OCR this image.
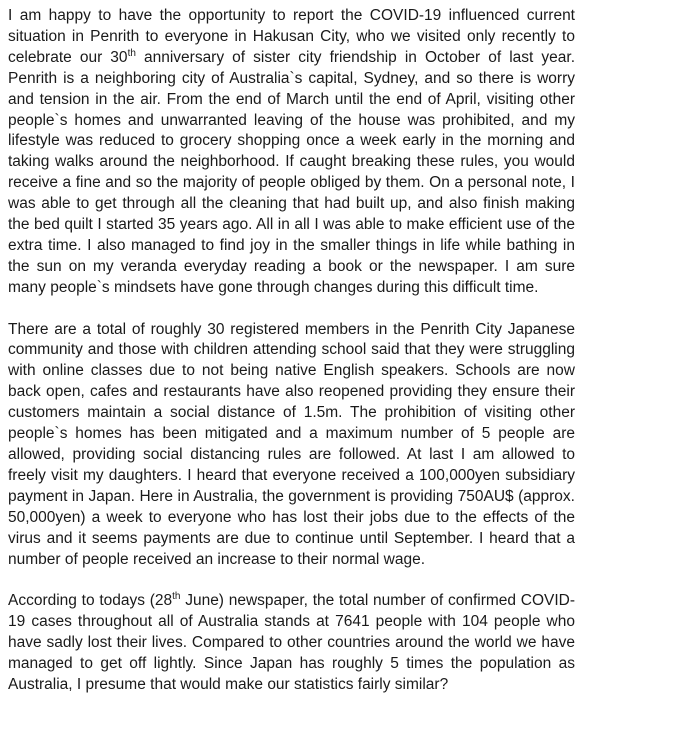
I am happy to have the opportunity to report the COVID-19 influenced current situation in Penrith to everyone in Hakusan City, who we visited only recently to celebrate our 30th anniversary of sister city friendship in October of last year. Penrith is a neighboring city of Australia`s capital, Sydney, and so there is worry and tension in the air. From the end of March until the end of April, visiting other people`s homes and unwarranted leaving of the house was prohibited, and my lifestyle was reduced to grocery shopping once a week early in the morning and taking walks around the neighborhood. If caught breaking these rules, you would receive a fine and so the majority of people obliged by them. On a personal note, I was able to get through all the cleaning that had built up, and also finish making the bed quilt I started 35 years ago. All in all I was able to make efficient use of the extra time. I also managed to find joy in the smaller things in life while bathing in the sun on my veranda everyday reading a book or the newspaper. I am sure many people`s mindsets have gone through changes during this difficult time.

There are a total of roughly 30 registered members in the Penrith City Japanese community and those with children attending school said that they were struggling with online classes due to not being native English speakers. Schools are now back open, cafes and restaurants have also reopened providing they ensure their customers maintain a social distance of 1.5m. The prohibition of visiting other people`s homes has been mitigated and a maximum number of 5 people are allowed, providing social distancing rules are followed. At last I am allowed to freely visit my daughters. I heard that everyone received a 100,000yen subsidiary payment in Japan. Here in Australia, the government is providing 750AU$ (approx. 50,000yen) a week to everyone who has lost their jobs due to the effects of the virus and it seems payments are due to continue until September. I heard that a number of people received an increase to their normal wage.

According to todays (28th June) newspaper, the total number of confirmed COVID-19 cases throughout all of Australia stands at 7641 people with 104 people who have sadly lost their lives. Compared to other countries around the world we have managed to get off lightly. Since Japan has roughly 5 times the population as Australia, I presume that would make our statistics fairly similar?
